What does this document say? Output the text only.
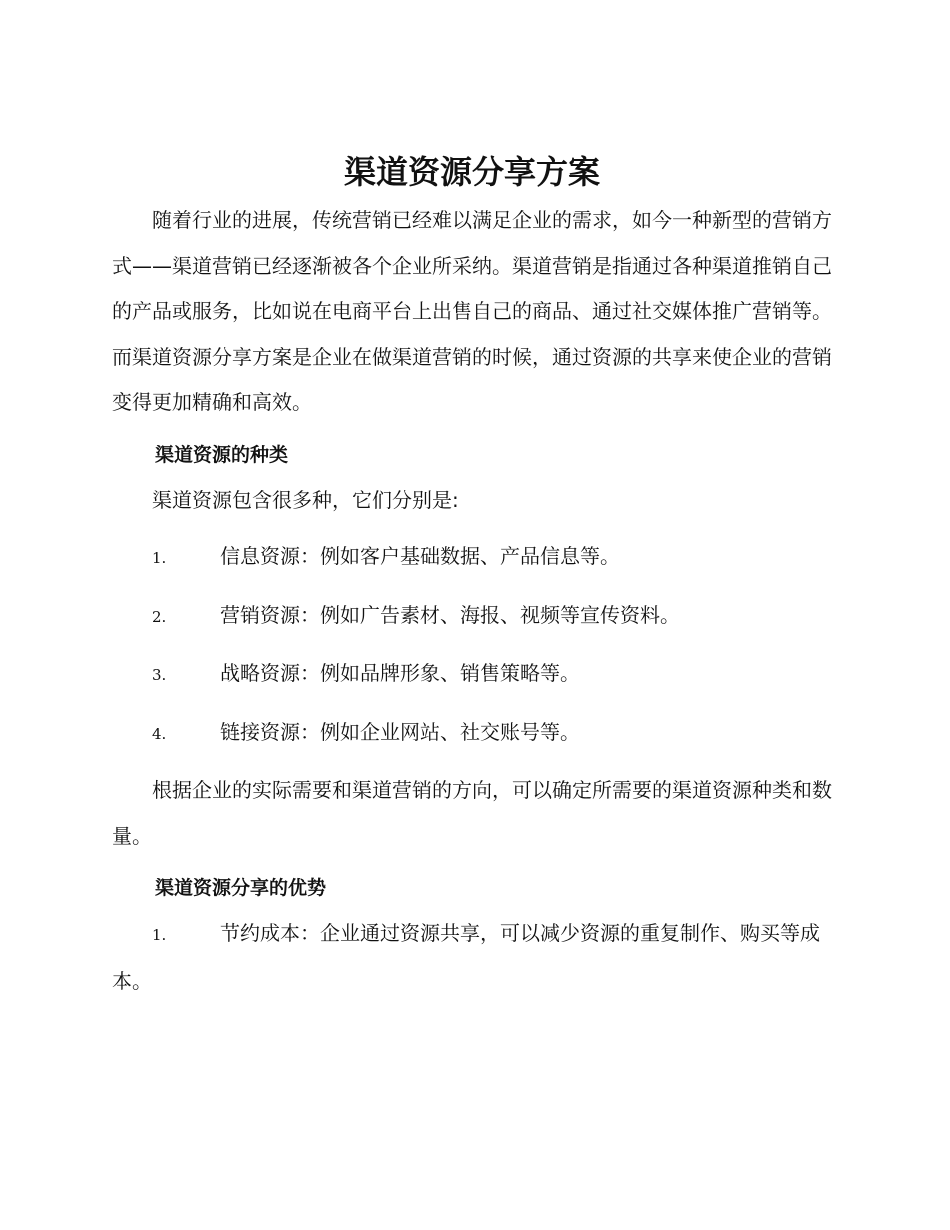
渠道资源分享方案

随着行业的进展，传统营销已经难以满足企业的需求，如今一种新型的营销方式——渠道营销已经逐渐被各个企业所采纳。渠道营销是指通过各种渠道推销自己的产品或服务，比如说在电商平台上出售自己的商品、通过社交媒体推广营销等。而渠道资源分享方案是企业在做渠道营销的时候，通过资源的共享来使企业的营销变得更加精确和高效。

渠道资源的种类

渠道资源包含很多种，它们分别是:

1.	信息资源：例如客户基础数据、产品信息等。

2.	营销资源：例如广告素材、海报、视频等宣传资料。

3.	战略资源：例如品牌形象、销售策略等。

4.	链接资源：例如企业网站、社交账号等。

根据企业的实际需要和渠道营销的方向，可以确定所需要的渠道资源种类和数量。

渠道资源分享的优势

1.	节约成本：企业通过资源共享，可以减少资源的重复制作、购买等成本。
